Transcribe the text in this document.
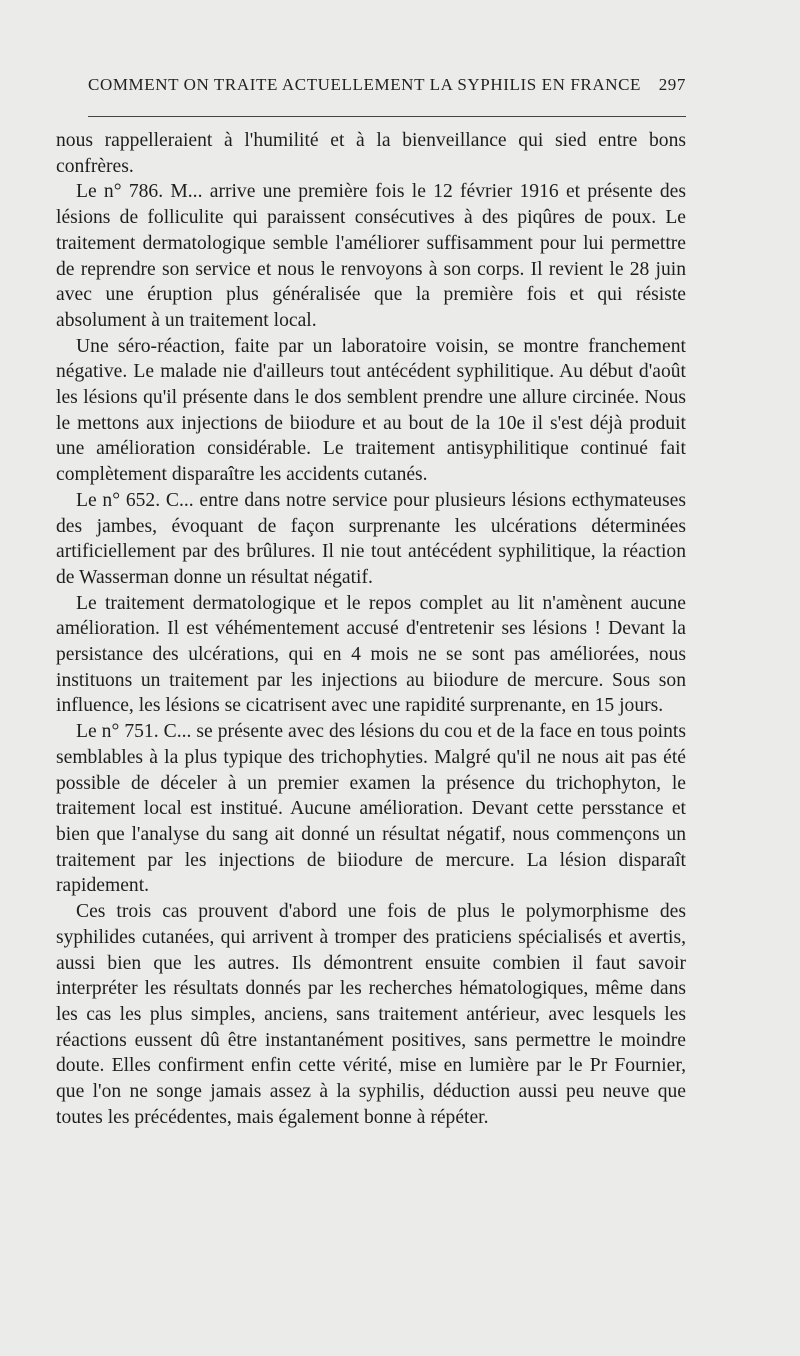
COMMENT ON TRAITE ACTUELLEMENT LA SYPHILIS EN FRANCE 297

nous rappelleraient à l'humilité et à la bienveillance qui sied entre bons confrères.

Le n° 786. M... arrive une première fois le 12 février 1916 et présente des lésions de folliculite qui paraissent consécutives à des piqûres de poux. Le traitement dermatologique semble l'améliorer suffisamment pour lui permettre de reprendre son service et nous le renvoyons à son corps. Il revient le 28 juin avec une éruption plus généralisée que la première fois et qui résiste absolument à un traitement local.

Une séro-réaction, faite par un laboratoire voisin, se montre franchement négative. Le malade nie d'ailleurs tout antécédent syphilitique. Au début d'août les lésions qu'il présente dans le dos semblent prendre une allure circinée. Nous le mettons aux injections de biiodure et au bout de la 10e il s'est déjà produit une amélioration considérable. Le traitement antisyphilitique continué fait complètement disparaître les accidents cutanés.

Le n° 652. C... entre dans notre service pour plusieurs lésions ecthymateuses des jambes, évoquant de façon surprenante les ulcérations déterminées artificiellement par des brûlures. Il nie tout antécédent syphilitique, la réaction de Wasserman donne un résultat négatif.

Le traitement dermatologique et le repos complet au lit n'amènent aucune amélioration. Il est véhémentement accusé d'entretenir ses lésions ! Devant la persistance des ulcérations, qui en 4 mois ne se sont pas améliorées, nous instituons un traitement par les injections au biiodure de mercure. Sous son influence, les lésions se cicatrisent avec une rapidité surprenante, en 15 jours.

Le n° 751. C... se présente avec des lésions du cou et de la face en tous points semblables à la plus typique des trichophyties. Malgré qu'il ne nous ait pas été possible de déceler à un premier examen la présence du trichophyton, le traitement local est institué. Aucune amélioration. Devant cette persstance et bien que l'analyse du sang ait donné un résultat négatif, nous commençons un traitement par les injections de biiodure de mercure. La lésion disparaît rapidement.

Ces trois cas prouvent d'abord une fois de plus le polymorphisme des syphilides cutanées, qui arrivent à tromper des praticiens spécialisés et avertis, aussi bien que les autres. Ils démontrent ensuite combien il faut savoir interpréter les résultats donnés par les recherches hématologiques, même dans les cas les plus simples, anciens, sans traitement antérieur, avec lesquels les réactions eussent dû être instantanément positives, sans permettre le moindre doute. Elles confirment enfin cette vérité, mise en lumière par le Pr Fournier, que l'on ne songe jamais assez à la syphilis, déduction aussi peu neuve que toutes les précédentes, mais également bonne à répéter.
